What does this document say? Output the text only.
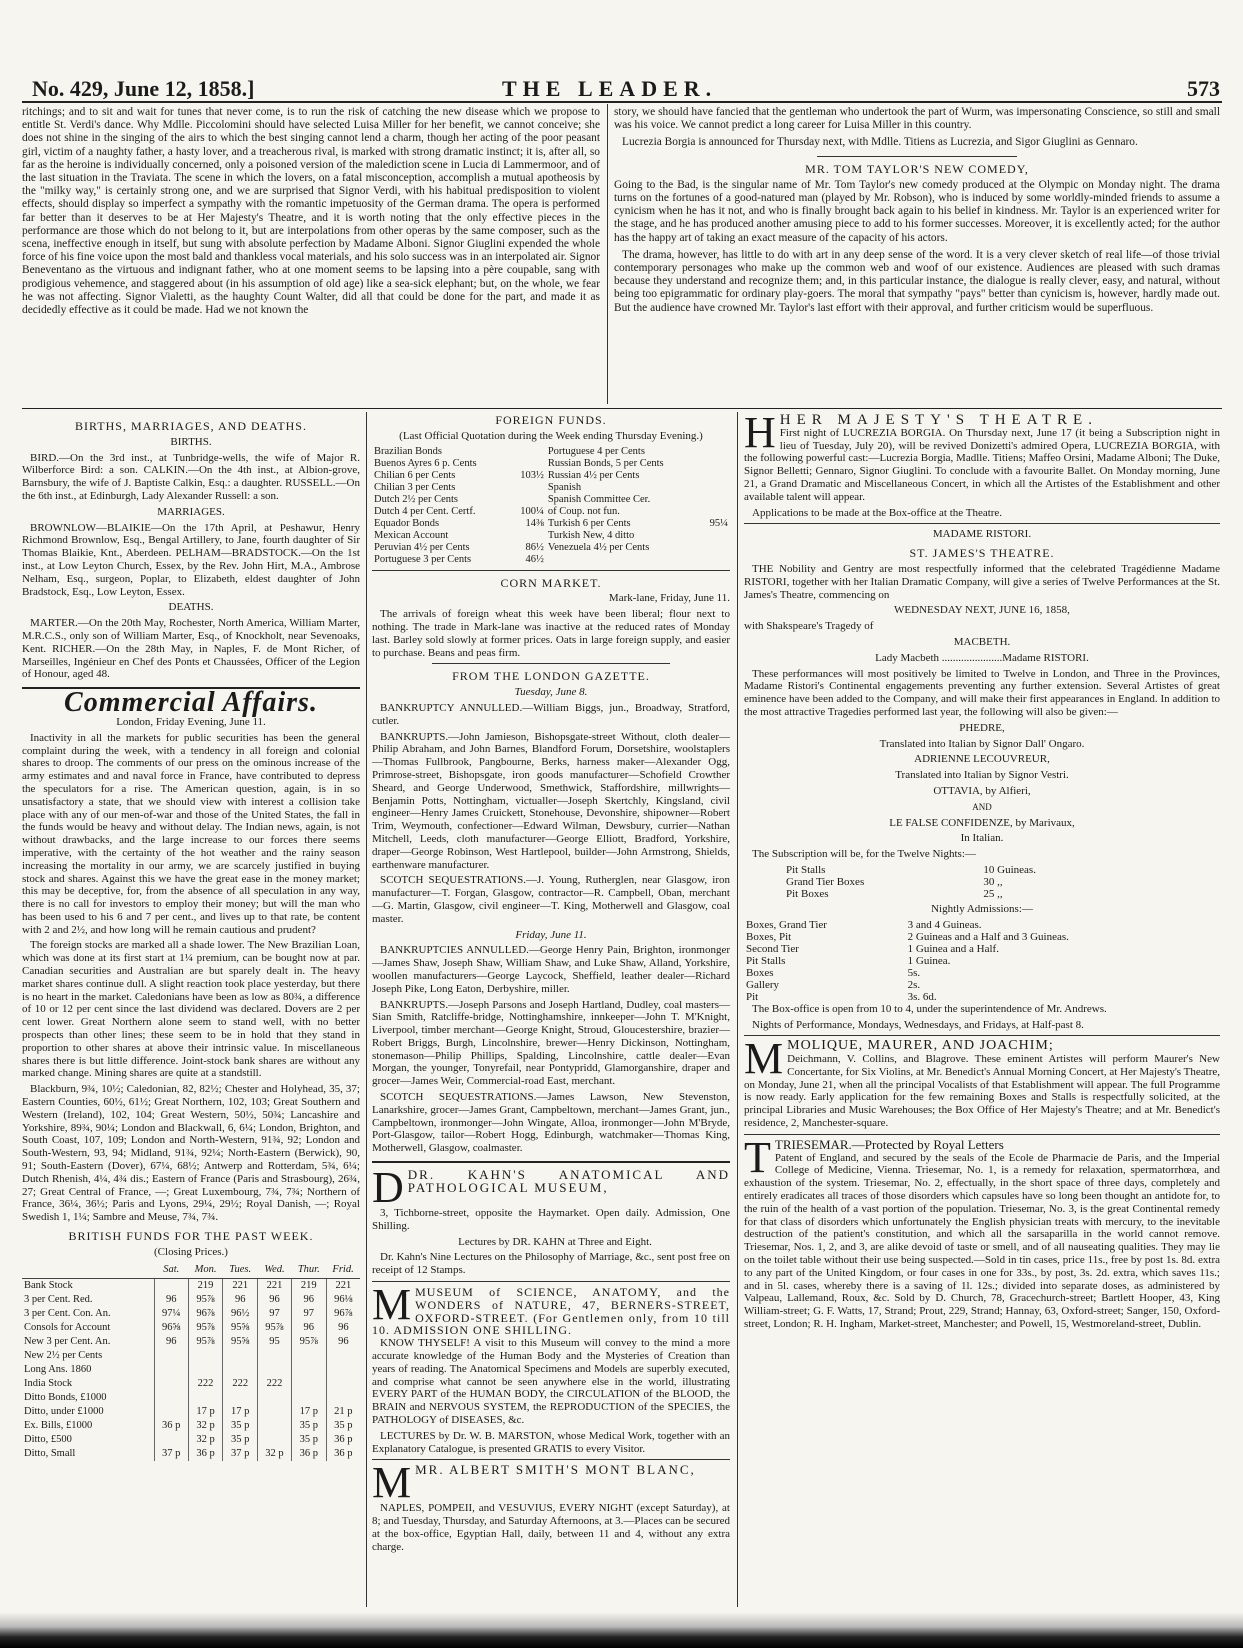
No. 429, June 12, 1858.]	THE LEADER.	573

ritchings; and to sit and wait for tunes that never come, is to run the risk of catching the new disease which we propose to entitle St. Verdi's dance. Why Mdlle. Piccolomini should have selected Luisa Miller for her benefit, we cannot conceive; she does not shine in the singing of the airs to which the best singing cannot lend a charm, though her acting of the poor peasant girl, victim of a naughty father, a hasty lover, and a treacherous rival, is marked with strong dramatic instinct; it is, after all, so far as the heroine is individually concerned, only a poisoned version of the malediction scene in Lucia di Lammermoor, and of the last situation in the Traviata. The scene in which the lovers, on a fatal misconception, accomplish a mutual apotheosis by the "milky way," is certainly strong one, and we are surprised that Signor Verdi, with his habitual predisposition to violent effects, should display so imperfect a sympathy with the romantic impetuosity of the German drama. The opera is performed far better than it deserves to be at Her Majesty's Theatre, and it is worth noting that the only effective pieces in the performance are those which do not belong to it, but are interpolations from other operas by the same composer, such as the scena, ineffective enough in itself, but sung with absolute perfection by Madame Alboni. Signor Giuglini expended the whole force of his fine voice upon the most bald and thankless vocal materials, and his solo success was in an interpolated air. Signor Beneventano as the virtuous and indignant father, who at one moment seems to be lapsing into a père coupable, sang with prodigious vehemence, and staggered about (in his assumption of old age) like a sea-sick elephant; but, on the whole, we fear he was not affecting. Signor Vialetti, as the haughty Count Walter, did all that could be done for the part, and made it as decidedly effective as it could be made. Had we not known the

story, we should have fancied that the gentleman who undertook the part of Wurm, was impersonating Conscience, so still and small was his voice. We cannot predict a long career for Luisa Miller in this country.

Lucrezia Borgia is announced for Thursday next, with Mdlle. Titiens as Lucrezia, and Sigor Giuglini as Gennaro.

MR. TOM TAYLOR'S NEW COMEDY,

Going to the Bad, is the singular name of Mr. Tom Taylor's new comedy produced at the Olympic on Monday night. The drama turns on the fortunes of a good-natured man (played by Mr. Robson), who is induced by some worldly-minded friends to assume a cynicism when he has it not, and who is finally brought back again to his belief in kindness. Mr. Taylor is an experienced writer for the stage, and he has produced another amusing piece to add to his former successes. Moreover, it is excellently acted; for the author has the happy art of taking an exact measure of the capacity of his actors.

The drama, however, has little to do with art in any deep sense of the word. It is a very clever sketch of real life—of those trivial contemporary personages who make up the common web and woof of our existence. Audiences are pleased with such dramas because they understand and recognize them; and, in this particular instance, the dialogue is really clever, easy, and natural, without being too epigrammatic for ordinary play-goers. The moral that sympathy "pays" better than cynicism is, however, hardly made out. But the audience have crowned Mr. Taylor's last effort with their approval, and further criticism would be superfluous.

BIRTHS, MARRIAGES, AND DEATHS.
BIRTHS.

BIRD.—On the 3rd inst., at Tunbridge-wells, the wife of Major R. Wilberforce Bird: a son. CALKIN.—On the 4th inst., at Albion-grove, Barnsbury, the wife of J. Baptiste Calkin, Esq.: a daughter. RUSSELL.—On the 6th inst., at Edinburgh, Lady Alexander Russell: a son.

MARRIAGES.

BROWNLOW—BLAIKIE—On the 17th April, at Peshawur, Henry Richmond Brownlow, Esq., Bengal Artillery, to Jane, fourth daughter of Sir Thomas Blaikie, Knt., Aberdeen. PELHAM—BRADSTOCK.—On the 1st inst., at Low Leyton Church, Essex, by the Rev. John Hirt, M.A., Ambrose Nelham, Esq., surgeon, Poplar, to Elizabeth, eldest daughter of John Bradstock, Esq., Low Leyton, Essex.

DEATHS.

MARTER.—On the 20th May, Rochester, North America, William Marter, M.R.C.S., only son of William Marter, Esq., of Knockholt, near Sevenoaks, Kent. RICHER.—On the 28th May, in Naples, F. de Mont Richer, of Marseilles, Ingénieur en Chef des Ponts et Chaussées, Officer of the Legion of Honour, aged 48.

Commercial Affairs.
London, Friday Evening, June 11.

Inactivity in all the markets for public securities has been the general complaint during the week, with a tendency in all foreign and colonial shares to droop. The comments of our press on the ominous increase of the army estimates and and naval force in France, have contributed to depress the speculators for a rise. The American question, again, is in so unsatisfactory a state, that we should view with interest a collision take place with any of our men-of-war and those of the United States, the fall in the funds would be heavy and without delay. The Indian news, again, is not without drawbacks, and the large increase to our forces there seems imperative, with the certainty of the hot weather and the rainy season increasing the mortality in our army, we are scarcely justified in buying stock and shares. Against this we have the great ease in the money market; this may be deceptive, for, from the absence of all speculation in any way, there is no call for investors to employ their money; but will the man who has been used to his 6 and 7 per cent., and lives up to that rate, be content with 2 and 2½, and how long will he remain cautious and prudent?

The foreign stocks are marked all a shade lower. The New Brazilian Loan, which was done at its first start at 1¼ premium, can be bought now at par. Canadian securities and Australian are but sparely dealt in. The heavy market shares continue dull. A slight reaction took place yesterday, but there is no heart in the market. Caledonians have been as low as 80¾, a difference of 10 or 12 per cent since the last dividend was declared. Dovers are 2 per cent lower. Great Northern alone seem to stand well, with no better prospects than other lines; these seem to be in hold that they stand in proportion to other shares at above their intrinsic value. In miscellaneous shares there is but little difference. Joint-stock bank shares are without any marked change. Mining shares are quite at a standstill.

Blackburn, 9¾, 10½; Caledonian, 82, 82½; Chester and Holyhead, 35, 37; Eastern Counties, 60½, 61½; Great Northern, 102, 103; Great Southern and Western (Ireland), 102, 104; Great Western, 50½, 50¾; Lancashire and Yorkshire, 89¾, 90¼; London and Blackwall, 6, 6¼; London, Brighton, and South Coast, 107, 109; London and North-Western, 91¾, 92; London and South-Western, 93, 94; Midland, 91¾, 92¼; North-Eastern (Berwick), 90, 91; South-Eastern (Dover), 67¼, 68½; Antwerp and Rotterdam, 5¾, 6¼; Dutch Rhenish, 4¼, 4¾ dis.; Eastern of France (Paris and Strasbourg), 26¾, 27; Great Central of France, —; Great Luxembourg, 7¾, 7¾; Northern of France, 36¼, 36½; Paris and Lyons, 29¼, 29½; Royal Danish, —; Royal Swedish 1, 1¼; Sambre and Meuse, 7¾, 7¾.

BRITISH FUNDS FOR THE PAST WEEK.
(Closing Prices.)
	Sat.	Mon.	Tues.	Wed.	Thur.	Frid.
Bank Stock		219	221	221	219	221
3 per Cent. Red.	96	95⅞	96	96	96	96⅛
3 per Cent. Con. An.	97¼	96⅞	96½	97	97	96⅞
Consols for Account	96⅝	95⅞	95⅝	95⅞	96	96
New 3 per Cent. An.	96	95⅞	95⅝	95	95⅞	96
New 2½ per Cents						
Long Ans. 1860						
India Stock		222	222	222		
Ditto Bonds, £1000						
Ditto, under £1000		17 p	17 p		17 p	21 p
Ex. Bills, £1000	36 p	32 p	35 p		35 p	35 p
Ditto, £500		32 p	35 p		35 p	36 p
Ditto, Small	37 p	36 p	37 p	32 p	36 p	36 p
FOREIGN FUNDS.
(Last Official Quotation during the Week ending Thursday Evening.)
Brazilian Bonds		Portuguese 4 per Cents	
Buenos Ayres 6 p. Cents		Russian Bonds, 5 per Cents	
Chilian 6 per Cents	103½	Russian 4½ per Cents	
Chilian 3 per Cents		Spanish	
Dutch 2½ per Cents		Spanish Committee Cer.	
Dutch 4 per Cent. Certf.	100¼	of Coup. not fun.	
Equador Bonds	14⅜	Turkish 6 per Cents	95¼
Mexican Account		Turkish New, 4 ditto	
Peruvian 4½ per Cents	86½	Venezuela 4½ per Cents	
Portuguese 3 per Cents	46½		
CORN MARKET.
Mark-lane, Friday, June 11.

The arrivals of foreign wheat this week have been liberal; flour next to nothing. The trade in Mark-lane was inactive at the reduced rates of Monday last. Barley sold slowly at former prices. Oats in large foreign supply, and easier to purchase. Beans and peas firm.

FROM THE LONDON GAZETTE.
Tuesday, June 8.

BANKRUPTCY ANNULLED.—William Biggs, jun., Broadway, Stratford, cutler.

BANKRUPTS.—John Jamieson, Bishopsgate-street Without, cloth dealer—Philip Abraham, and John Barnes, Blandford Forum, Dorsetshire, woolstaplers—Thomas Fullbrook, Pangbourne, Berks, harness maker—Alexander Ogg, Primrose-street, Bishopsgate, iron goods manufacturer—Schofield Crowther Sheard, and George Underwood, Smethwick, Staffordshire, millwrights—Benjamin Potts, Nottingham, victualler—Joseph Skertchly, Kingsland, civil engineer—Henry James Cruickett, Stonehouse, Devonshire, shipowner—Robert Trim, Weymouth, confectioner—Edward Wilman, Dewsbury, currier—Nathan Mitchell, Leeds, cloth manufacturer—George Elliott, Bradford, Yorkshire, draper—George Robinson, West Hartlepool, builder—John Armstrong, Shields, earthenware manufacturer.

SCOTCH SEQUESTRATIONS.—J. Young, Rutherglen, near Glasgow, iron manufacturer—T. Forgan, Glasgow, contractor—R. Campbell, Oban, merchant—G. Martin, Glasgow, civil engineer—T. King, Motherwell and Glasgow, coal master.

Friday, June 11.

BANKRUPTCIES ANNULLED.—George Henry Pain, Brighton, ironmonger—James Shaw, Joseph Shaw, William Shaw, and Luke Shaw, Alland, Yorkshire, woollen manufacturers—George Laycock, Sheffield, leather dealer—Richard Joseph Pike, Long Eaton, Derbyshire, miller.

BANKRUPTS.—Joseph Parsons and Joseph Hartland, Dudley, coal masters—Sian Smith, Ratcliffe-bridge, Nottinghamshire, innkeeper—John T. M'Knight, Liverpool, timber merchant—George Knight, Stroud, Gloucestershire, brazier—Robert Briggs, Burgh, Lincolnshire, brewer—Henry Dickinson, Nottingham, stonemason—Philip Phillips, Spalding, Lincolnshire, cattle dealer—Evan Morgan, the younger, Tonyrefail, near Pontypridd, Glamorganshire, draper and grocer—James Weir, Commercial-road East, merchant.

SCOTCH SEQUESTRATIONS.—James Lawson, New Stevenston, Lanarkshire, grocer—James Grant, Campbeltown, merchant—James Grant, jun., Campbeltown, ironmonger—John Wingate, Alloa, ironmonger—John M'Bryde, Port-Glasgow, tailor—Robert Hogg, Edinburgh, watchmaker—Thomas King, Motherwell, Glasgow, coalmaster.

D DR. KAHN'S ANATOMICAL AND PATHOLOGICAL MUSEUM,

3, Tichborne-street, opposite the Haymarket. Open daily. Admission, One Shilling.

Lectures by DR. KAHN at Three and Eight.

Dr. Kahn's Nine Lectures on the Philosophy of Marriage, &c., sent post free on receipt of 12 Stamps.

M MUSEUM of SCIENCE, ANATOMY, and the WONDERS of NATURE, 47, BERNERS-STREET, OXFORD-STREET. (For Gentlemen only, from 10 till 10. ADMISSION ONE SHILLING.

KNOW THYSELF! A visit to this Museum will convey to the mind a more accurate knowledge of the Human Body and the Mysteries of Creation than years of reading. The Anatomical Specimens and Models are superbly executed, and comprise what cannot be seen anywhere else in the world, illustrating EVERY PART of the HUMAN BODY, the CIRCULATION of the BLOOD, the BRAIN and NERVOUS SYSTEM, the REPRODUCTION of the SPECIES, the PATHOLOGY of DISEASES, &c.

LECTURES by Dr. W. B. MARSTON, whose Medical Work, together with an Explanatory Catalogue, is presented GRATIS to every Visitor.

M MR. ALBERT SMITH'S MONT BLANC,

NAPLES, POMPEII, and VESUVIUS, EVERY NIGHT (except Saturday), at 8; and Tuesday, Thursday, and Saturday Afternoons, at 3.—Places can be secured at the box-office, Egyptian Hall, daily, between 11 and 4, without any extra charge.

H HER MAJESTY'S THEATRE.

First night of LUCREZIA BORGIA. On Thursday next, June 17 (it being a Subscription night in lieu of Tuesday, July 20), will be revived Donizetti's admired Opera, LUCREZIA BORGIA, with the following powerful cast:—Lucrezia Borgia, Madlle. Titiens; Maffeo Orsini, Madame Alboni; The Duke, Signor Belletti; Gennaro, Signor Giuglini. To conclude with a favourite Ballet. On Monday morning, June 21, a Grand Dramatic and Miscellaneous Concert, in which all the Artistes of the Establishment and other available talent will appear.

Applications to be made at the Box-office at the Theatre.

MADAME RISTORI.
ST. JAMES'S THEATRE.

THE Nobility and Gentry are most respectfully informed that the celebrated Tragédienne Madame RISTORI, together with her Italian Dramatic Company, will give a series of Twelve Performances at the St. James's Theatre, commencing on

WEDNESDAY NEXT, JUNE 16, 1858,

with Shakspeare's Tragedy of

MACBETH.
Lady Macbeth ......................Madame RISTORI.

These performances will most positively be limited to Twelve in London, and Three in the Provinces, Madame Ristori's Continental engagements preventing any further extension. Several Artistes of great eminence have been added to the Company, and will make their first appearances in England. In addition to the most attractive Tragedies performed last year, the following will also be given:—

PHEDRE,
Translated into Italian by Signor Dall' Ongaro.
ADRIENNE LECOUVREUR,
Translated into Italian by Signor Vestri.
OTTAVIA, by Alfieri,
AND
LE FALSE CONFIDENZE, by Marivaux,
In Italian.

The Subscription will be, for the Twelve Nights:—

Pit Stalls	10 Guineas.
Grand Tier Boxes	30 ,,
Pit Boxes	25 ,,
Nightly Admissions:—
Boxes, Grand Tier	3 and 4 Guineas.
Boxes, Pit	2 Guineas and a Half and 3 Guineas.
Second Tier	1 Guinea and a Half.
Pit Stalls	1 Guinea.
Boxes	5s.
Gallery	2s.
Pit	3s. 6d.

The Box-office is open from 10 to 4, under the superintendence of Mr. Andrews.

Nights of Performance, Mondays, Wednesdays, and Fridays, at Half-past 8.

M MOLIQUE, MAURER, AND JOACHIM;

Deichmann, V. Collins, and Blagrove. These eminent Artistes will perform Maurer's New Concertante, for Six Violins, at Mr. Benedict's Annual Morning Concert, at Her Majesty's Theatre, on Monday, June 21, when all the principal Vocalists of that Establishment will appear. The full Programme is now ready. Early application for the few remaining Boxes and Stalls is respectfully solicited, at the principal Libraries and Music Warehouses; the Box Office of Her Majesty's Theatre; and at Mr. Benedict's residence, 2, Manchester-square.

T TRIESEMAR.—Protected by Royal Letters

Patent of England, and secured by the seals of the Ecole de Pharmacie de Paris, and the Imperial College of Medicine, Vienna. Triesemar, No. 1, is a remedy for relaxation, spermatorrhœa, and exhaustion of the system. Triesemar, No. 2, effectually, in the short space of three days, completely and entirely eradicates all traces of those disorders which capsules have so long been thought an antidote for, to the ruin of the health of a vast portion of the population. Triesemar, No. 3, is the great Continental remedy for that class of disorders which unfortunately the English physician treats with mercury, to the inevitable destruction of the patient's constitution, and which all the sarsaparilla in the world cannot remove. Triesemar, Nos. 1, 2, and 3, are alike devoid of taste or smell, and of all nauseating qualities. They may lie on the toilet table without their use being suspected.—Sold in tin cases, price 11s., free by post 1s. 8d. extra to any part of the United Kingdom, or four cases in one for 33s., by post, 3s. 2d. extra, which saves 11s.; and in 5l. cases, whereby there is a saving of 1l. 12s.; divided into separate doses, as administered by Valpeau, Lallemand, Roux, &c. Sold by D. Church, 78, Gracechurch-street; Bartlett Hooper, 43, King William-street; G. F. Watts, 17, Strand; Prout, 229, Strand; Hannay, 63, Oxford-street; Sanger, 150, Oxford-street, London; R. H. Ingham, Market-street, Manchester; and Powell, 15, Westmoreland-street, Dublin.
